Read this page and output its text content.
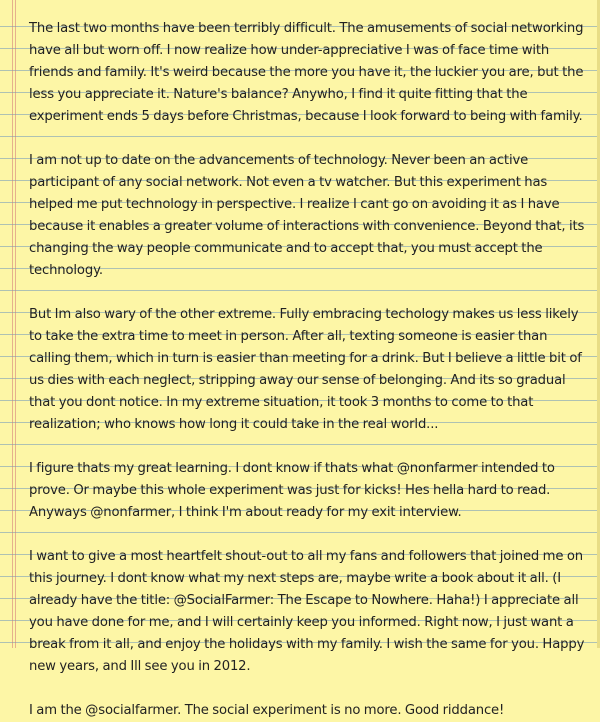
The last two months have been terribly difficult. The amusements of social networking have all but worn off. I now realize how under-appreciative I was of face time with friends and family. It's weird because the more you have it, the luckier you are, but the less you appreciate it. Nature's balance? Anywho, I find it quite fitting that the experiment ends 5 days before Christmas, because I look forward to being with family.

I am not up to date on the advancements of technology. Never been an active participant of any social network. Not even a tv watcher. But this experiment has helped me put technology in perspective. I realize I cant go on avoiding it as I have because it enables a greater volume of interactions with convenience. Beyond that, its changing the way people communicate and to accept that, you must accept the technology.

But Im also wary of the other extreme. Fully embracing techology makes us less likely to take the extra time to meet in person. After all, texting someone is easier than calling them, which in turn is easier than meeting for a drink. But I believe a little bit of us dies with each neglect, stripping away our sense of belonging. And its so gradual that you dont notice. In my extreme situation, it took 3 months to come to that realization; who knows how long it could take in the real world...

I figure thats my great learning. I dont know if thats what @nonfarmer intended to prove. Or maybe this whole experiment was just for kicks! Hes hella hard to read. Anyways @nonfarmer, I think I'm about ready for my exit interview.

I want to give a most heartfelt shout-out to all my fans and followers that joined me on this journey. I dont know what my next steps are, maybe write a book about it all. (I already have the title: @SocialFarmer: The Escape to Nowhere. Haha!) I appreciate all you have done for me, and I will certainly keep you informed. Right now, I just want a break from it all, and enjoy the holidays with my family. I wish the same for you. Happy new years, and Ill see you in 2012.

I am the @socialfarmer. The social experiment is no more. Good riddance!
